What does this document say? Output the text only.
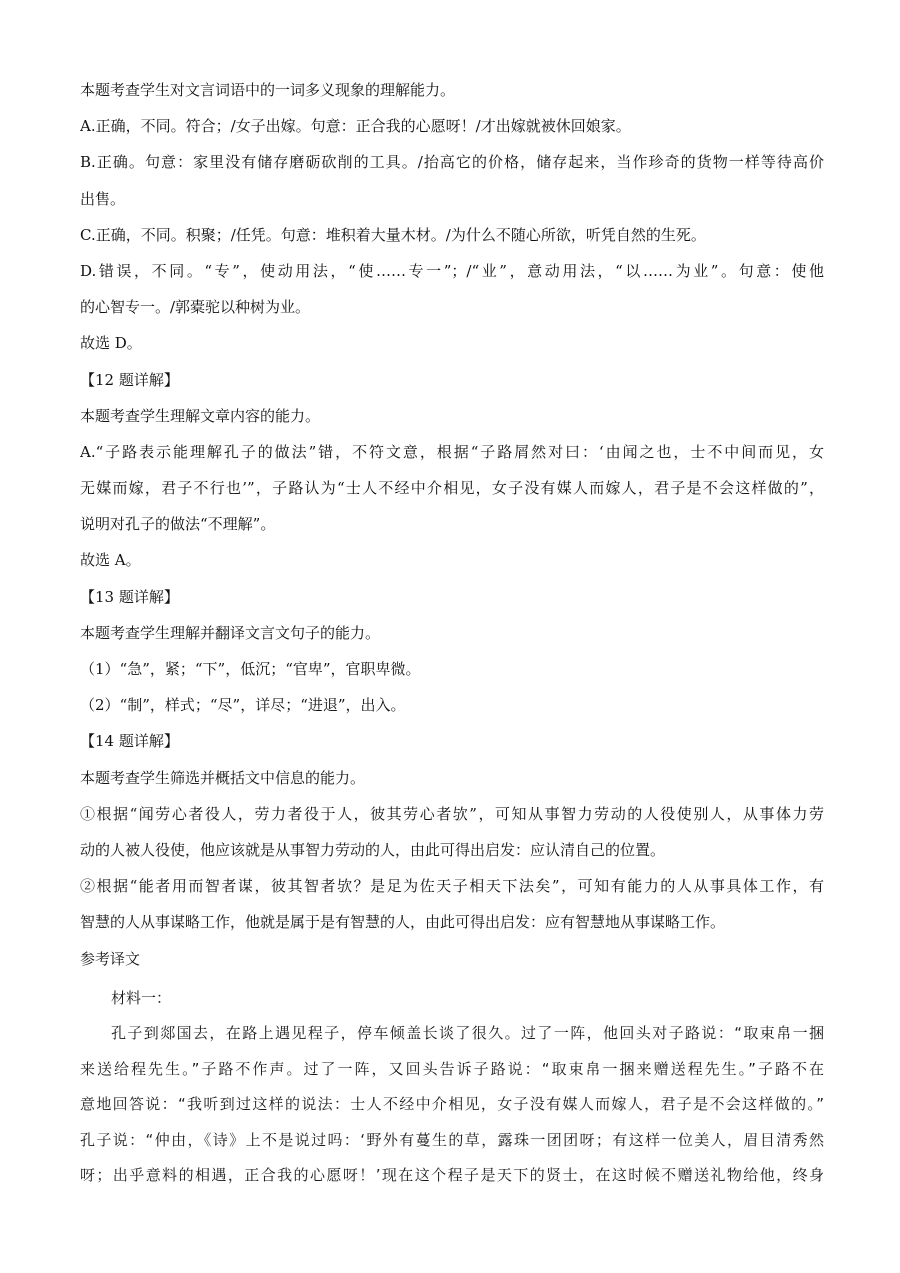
本题考查学生对文言词语中的一词多义现象的理解能力。
A.正确，不同。符合；/女子出嫁。句意：正合我的心愿呀！/才出嫁就被休回娘家。
B.正确。句意：家里没有储存磨砺砍削的工具。/抬高它的价格，储存起来，当作珍奇的货物一样等待高价
出售。
C.正确，不同。积聚；/任凭。句意：堆积着大量木材。/为什么不随心所欲，听凭自然的生死。
D.错误，不同。“专”，使动用法，“使……专一”；/“业”，意动用法，“以……为业”。句意：使他
的心智专一。/郭橐驼以种树为业。
故选 D。
【12 题详解】
本题考查学生理解文章内容的能力。
A.“子路表示能理解孔子的做法”错，不符文意，根据“子路屑然对曰：‘由闻之也，士不中间而见，女
无媒而嫁，君子不行也’”，子路认为“士人不经中介相见，女子没有媒人而嫁人，君子是不会这样做的”，
说明对孔子的做法“不理解”。
故选 A。
【13 题详解】
本题考查学生理解并翻译文言文句子的能力。
（1）“急”，紧；“下”，低沉；“官卑”，官职卑微。
（2）“制”，样式；“尽”，详尽；“进退”，出入。
【14 题详解】
本题考查学生筛选并概括文中信息的能力。
①根据“闻劳心者役人，劳力者役于人，彼其劳心者欤”，可知从事智力劳动的人役使别人，从事体力劳
动的人被人役使，他应该就是从事智力劳动的人，由此可得出启发：应认清自己的位置。
②根据“能者用而智者谋，彼其智者欤？是足为佐天子相天下法矣”，可知有能力的人从事具体工作，有
智慧的人从事谋略工作，他就是属于是有智慧的人，由此可得出启发：应有智慧地从事谋略工作。
参考译文
材料一：
孔子到郯国去，在路上遇见程子，停车倾盖长谈了很久。过了一阵，他回头对子路说：“取束帛一捆
来送给程先生。”子路不作声。过了一阵，又回头告诉子路说：“取束帛一捆来赠送程先生。”子路不在
意地回答说：“我听到过这样的说法：士人不经中介相见，女子没有媒人而嫁人，君子是不会这样做的。”
孔子说：“仲由，《诗》上不是说过吗：‘野外有蔓生的草，露珠一团团呀；有这样一位美人，眉目清秀然
呀；出乎意料的相遇，正合我的心愿呀！’现在这个程子是天下的贤士，在这时候不赠送礼物给他，终身
